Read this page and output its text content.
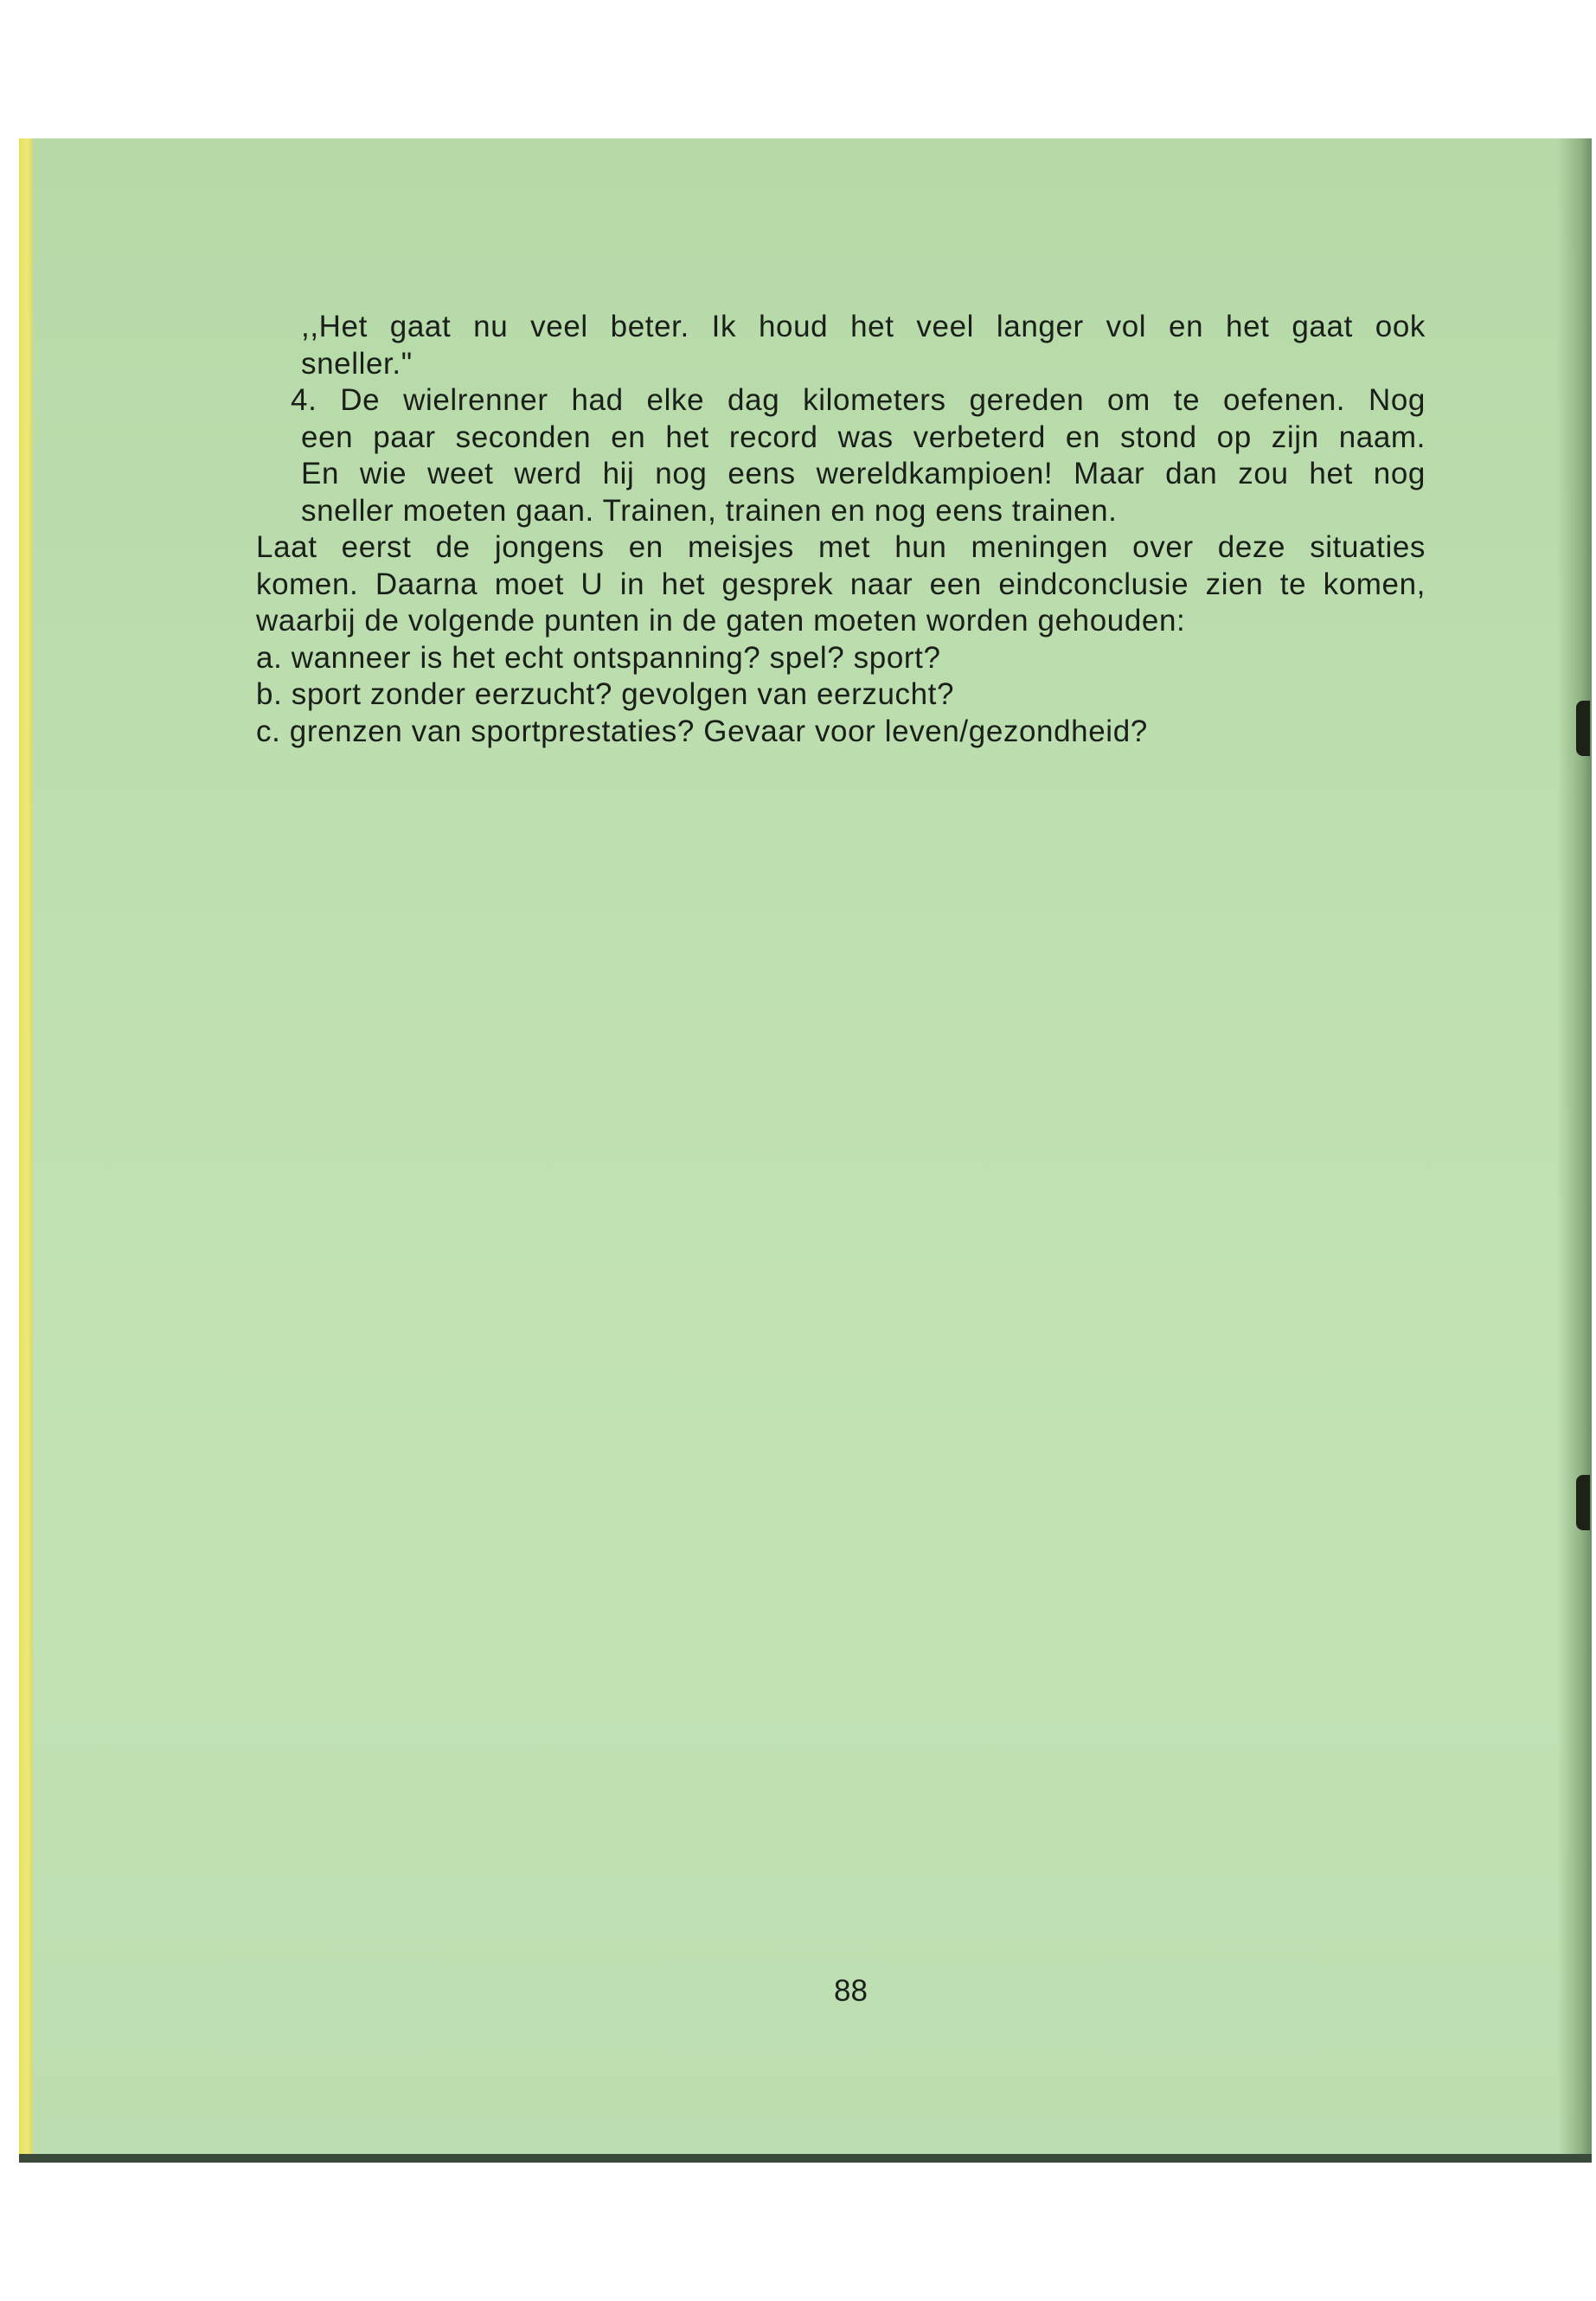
,,Het gaat nu veel beter. Ik houd het veel langer vol en het gaat ook
sneller."
4. De wielrenner had elke dag kilometers gereden om te oefenen. Nog
een paar seconden en het record was verbeterd en stond op zijn naam.
En wie weet werd hij nog eens wereldkampioen! Maar dan zou het nog
sneller moeten gaan. Trainen, trainen en nog eens trainen.
Laat eerst de jongens en meisjes met hun meningen over deze situaties
komen. Daarna moet U in het gesprek naar een eindconclusie zien te komen,
waarbij de volgende punten in de gaten moeten worden gehouden:
a. wanneer is het echt ontspanning? spel? sport?
b. sport zonder eerzucht? gevolgen van eerzucht?
c. grenzen van sportprestaties? Gevaar voor leven/gezondheid?
88
